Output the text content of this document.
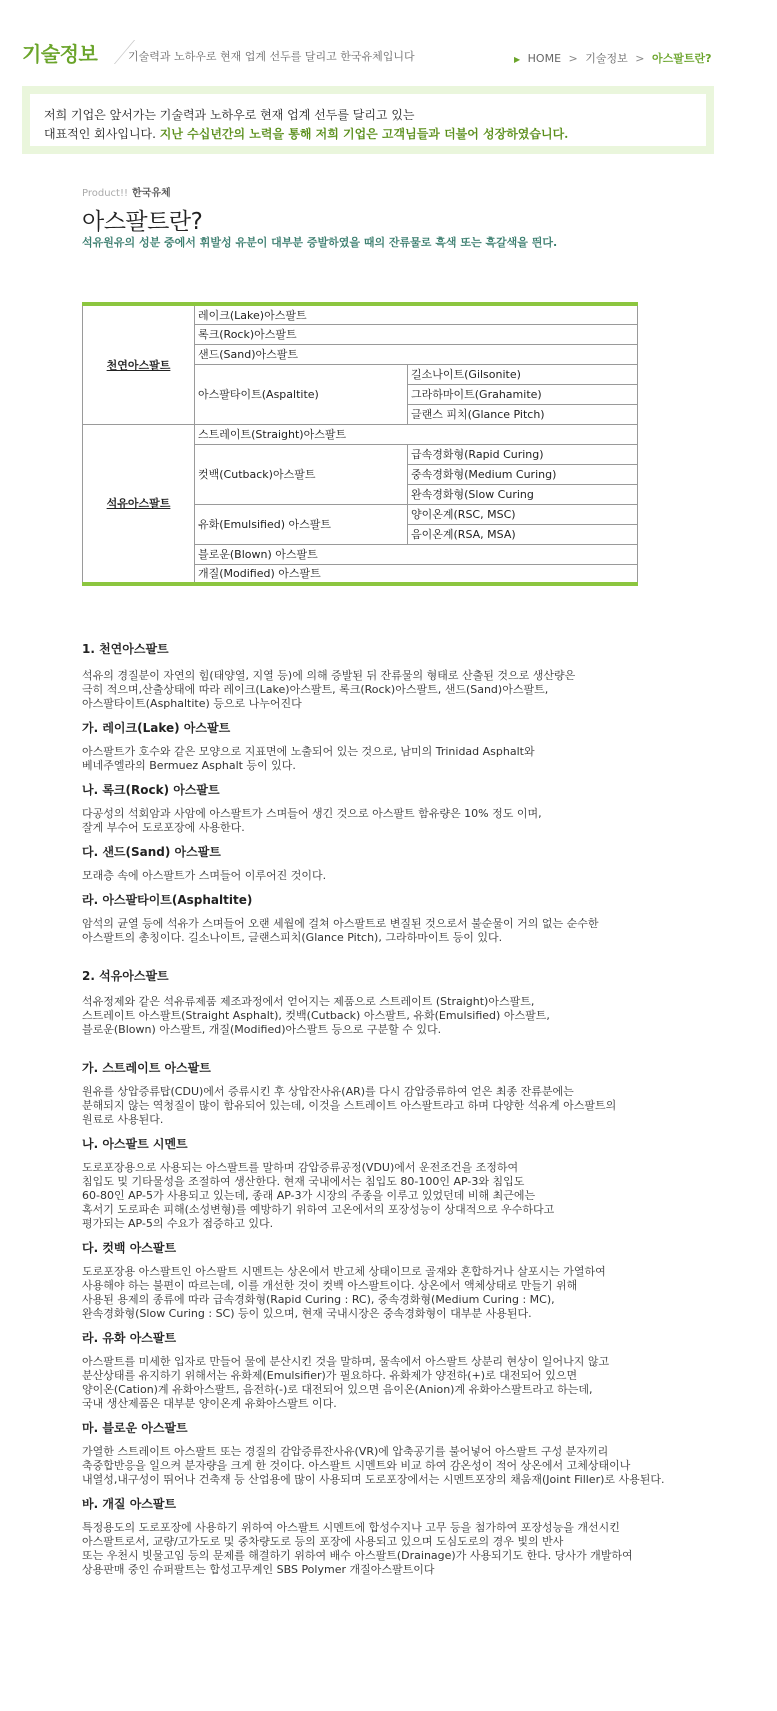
기술정보	기술력과 노하우로 현재 업계 선두를 달리고 한국유체입니다	▶ HOME > 기술정보 > 아스팔트란?
저희 기업은 앞서가는 기술력과 노하우로 현재 업계 선두를 달리고 있는
대표적인 회사입니다. 지난 수십년간의 노력을 통해 저희 기업은 고객님들과 더불어 성장하였습니다.
Product!! 한국유체
아스팔트란?
석유원유의 성분 중에서 휘발성 유분이 대부분 증발하였을 때의 잔류물로 흑색 또는 흑갈색을 띈다.
천연아스팔트	레이크(Lake)아스팔트	
	록크(Rock)아스팔트	
	샌드(Sand)아스팔트	
	아스팔타이트(Aspaltite)	길소나이트(Gilsonite)
		그라하마이트(Grahamite)
		글랜스 피치(Glance Pitch)
석유아스팔트	스트레이트(Straight)아스팔트	
	컷백(Cutback)아스팔트	급속경화형(Rapid Curing)
		중속경화형(Medium Curing)
		완속경화형(Slow Curing
	유화(Emulsified) 아스팔트	양이온계(RSC, MSC)
		음이온계(RSA, MSA)
	블로운(Blown) 아스팔트	
	개질(Modified) 아스팔트	
1. 천연아스팔트
석유의 경질분이 자연의 힘(태양열, 지열 등)에 의해 증발된 뒤 잔류물의 형태로 산출된 것으로 생산량은
극히 적으며,산출상태에 따라 레이크(Lake)아스팔트, 록크(Rock)아스팔트, 샌드(Sand)아스팔트,
아스팔타이트(Asphaltite) 등으로 나누어진다
가. 레이크(Lake) 아스팔트
아스팔트가 호수와 같은 모양으로 지표면에 노출되어 있는 것으로, 남미의 Trinidad Asphalt와
베네주엘라의 Bermuez Asphalt 등이 있다.
나. 록크(Rock) 아스팔트
다공성의 석회암과 사암에 아스팔트가 스며들어 생긴 것으로 아스팔트 함유량은 10% 정도 이며,
잘게 부수어 도로포장에 사용한다.
다. 샌드(Sand) 아스팔트
모래층 속에 아스팔트가 스며들어 이루어진 것이다.
라. 아스팔타이트(Asphaltite)
암석의 균열 등에 석유가 스며들어 오랜 세월에 걸쳐 아스팔트로 변질된 것으로서 불순물이 거의 없는 순수한
아스팔트의 총칭이다. 길소나이트, 글랜스피치(Glance Pitch), 그라하마이트 등이 있다.
2. 석유아스팔트
석유정제와 같은 석유류제품 제조과정에서 얻어지는 제품으로 스트레이트 (Straight)아스팔트,
스트레이트 아스팔트(Straight Asphalt), 컷백(Cutback) 아스팔트, 유화(Emulsified) 아스팔트,
블로운(Blown) 아스팔트, 개질(Modified)아스팔트 등으로 구분할 수 있다.
가. 스트레이트 아스팔트
원유를 상압증류탑(CDU)에서 증류시킨 후 상압잔사유(AR)를 다시 감압증류하여 얻은 최종 잔류분에는
분해되지 않는 역청질이 많이 함유되어 있는데, 이것을 스트레이트 아스팔트라고 하며 다양한 석유계 아스팔트의
원료로 사용된다.
나. 아스팔트 시멘트
도로포장용으로 사용되는 아스팔트를 말하며 감압증류공정(VDU)에서 운전조건을 조정하여
침입도 및 기타물성을 조절하여 생산한다. 현재 국내에서는 침입도 80-100인 AP-3와 침입도
60-80인 AP-5가 사용되고 있는데, 종래 AP-3가 시장의 주종을 이루고 있었던데 비해 최근에는
혹서기 도로파손 피해(소성변형)를 예방하기 위하여 고온에서의 포장성능이 상대적으로 우수하다고
평가되는 AP-5의 수요가 점증하고 있다.
다. 컷백 아스팔트
도로포장용 아스팔트인 아스팔트 시멘트는 상온에서 반고체 상태이므로 골재와 혼합하거나 살포시는 가열하여
사용해야 하는 불편이 따르는데, 이를 개선한 것이 컷백 아스팔트이다. 상온에서 액체상태로 만들기 위해
사용된 용제의 종류에 따라 급속경화형(Rapid Curing : RC), 중속경화형(Medium Curing : MC),
완속경화형(Slow Curing : SC) 등이 있으며, 현재 국내시장은 중속경화형이 대부분 사용된다.
라. 유화 아스팔트
아스팔트를 미세한 입자로 만들어 물에 분산시킨 것을 말하며, 물속에서 아스팔트 상분리 현상이 일어나지 않고
분산상태를 유지하기 위해서는 유화제(Emulsifier)가 필요하다. 유화제가 양전하(+)로 대전되어 있으면
양이온(Cation)계 유화아스팔트, 음전하(-)로 대전되어 있으면 음이온(Anion)계 유화아스팔트라고 하는데,
국내 생산제품은 대부분 양이온계 유화아스팔트 이다.
마. 블로운 아스팔트
가열한 스트레이트 아스팔트 또는 경질의 감압증류잔사유(VR)에 압축공기를 불어넣어 아스팔트 구성 분자끼리
축중합반응을 일으켜 분자량을 크게 한 것이다. 아스팔트 시멘트와 비교 하여 감온성이 적어 상온에서 고체상태이나
내열성,내구성이 뛰어나 건축재 등 산업용에 많이 사용되며 도로포장에서는 시멘트포장의 채움재(Joint Filler)로 사용된다.
바. 개질 아스팔트
특정용도의 도로포장에 사용하기 위하여 아스팔트 시멘트에 합성수지나 고무 등을 첨가하여 포장성능을 개선시킨
아스팔트로서, 교량/고가도로 및 중차량도로 등의 포장에 사용되고 있으며 도심도로의 경우 빛의 반사
또는 우천시 빗물고임 등의 문제를 해결하기 위하여 배수 아스팔트(Drainage)가 사용되기도 한다. 당사가 개발하여
상용판매 중인 슈퍼팔트는 합성고무계인 SBS Polymer 개질아스팔트이다
